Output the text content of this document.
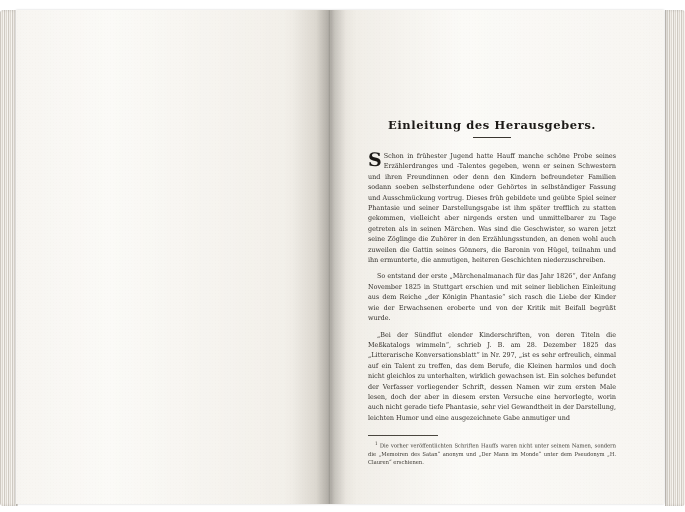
Einleitung des Herausgebers.

S Schon in frühester Jugend hatte Hauff manche schöne Probe seines Erzählerdranges und -Talentes gegeben, wenn er seinen Schwestern und ihren Freundinnen oder denn den Kindern befreundeter Familien sodann soeben selbsterfundene oder Gehörtes in selbständiger Fassung und Ausschmückung vortrug. Dieses früh gebildete und geübte Spiel seiner Phantasie und seiner Darstellungsgabe ist ihm später trefflich zu statten gekommen, vielleicht aber nirgends ersten und unmittelbarer zu Tage getreten als in seinen Märchen. Was sind die Geschwister, so waren jetzt seine Zöglinge die Zuhörer in den Erzählungsstunden, an denen wohl auch zuweilen die Gattin seines Gönners, die Baronin von Hügel, teilnahm und ihn ermunterte, die anmutigen, heiteren Geschichten niederzuschreiben.

So entstand der erste „Märchenalmanach für das Jahr 1826“, der Anfang November 1825 in Stuttgart erschien und mit seiner lieblichen Einleitung aus dem Reiche „der Königin Phantasie“ sich rasch die Liebe der Kinder wie der Erwachsenen eroberte und von der Kritik mit Beifall begrüßt wurde.

„Bei der Sündflut elender Kinderschriften, von deren Titeln die Meßkatalogs wimmeln“, schrieb J. B. am 28. Dezember 1825 das „Litterarische Konversationsblatt“ in Nr. 297, „ist es sehr erfreulich, einmal auf ein Talent zu treffen, das dem Berufe, die Kleinen harmlos und doch nicht gleichlos zu unterhalten, wirklich gewachsen ist. Ein solches befundet der Verfasser vorliegender Schrift, dessen Namen wir zum ersten Male lesen, doch der aber in diesem ersten Versuche eine hervorlegte, worin auch nicht gerade tiefe Phantasie, sehr viel Gewandtheit in der Darstellung, leichten Humor und eine ausgezeichnete Gabe anmutiger und

$^1$ Die vorher veröffentlichten Schriften Hauffs waren nicht unter seinem Namen, sondern die „Memoiren des Satan“ anonym und „Der Mann im Monde“ unter dem Pseudonym „H. Clauren“ erschienen.
